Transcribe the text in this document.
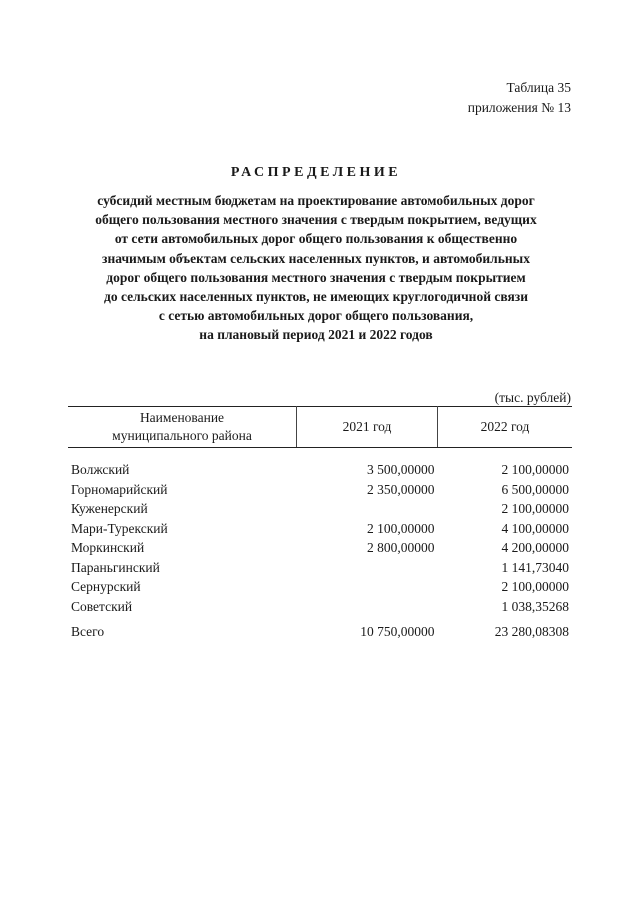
Таблица 35
приложения № 13
РАСПРЕДЕЛЕНИЕ
субсидий местным бюджетам на проектирование автомобильных дорог
общего пользования местного значения с твердым покрытием, ведущих
от сети автомобильных дорог общего пользования к общественно
значимым объектам сельских населенных пунктов, и автомобильных
дорог общего пользования местного значения с твердым покрытием
до сельских населенных пунктов, не имеющих круглогодичной связи
с сетью автомобильных дорог общего пользования,
на плановый период 2021 и 2022 годов
(тыс. рублей)
Наименование
муниципального района	2021 год	2022 год
Волжский	3 500,00000	2 100,00000
Горномарийский	2 350,00000	6 500,00000
Куженерский		2 100,00000
Мари-Турекский	2 100,00000	4 100,00000
Моркинский	2 800,00000	4 200,00000
Параньгинский		1 141,73040
Сернурский		2 100,00000
Советский		1 038,35268
Всего	10 750,00000	23 280,08308
